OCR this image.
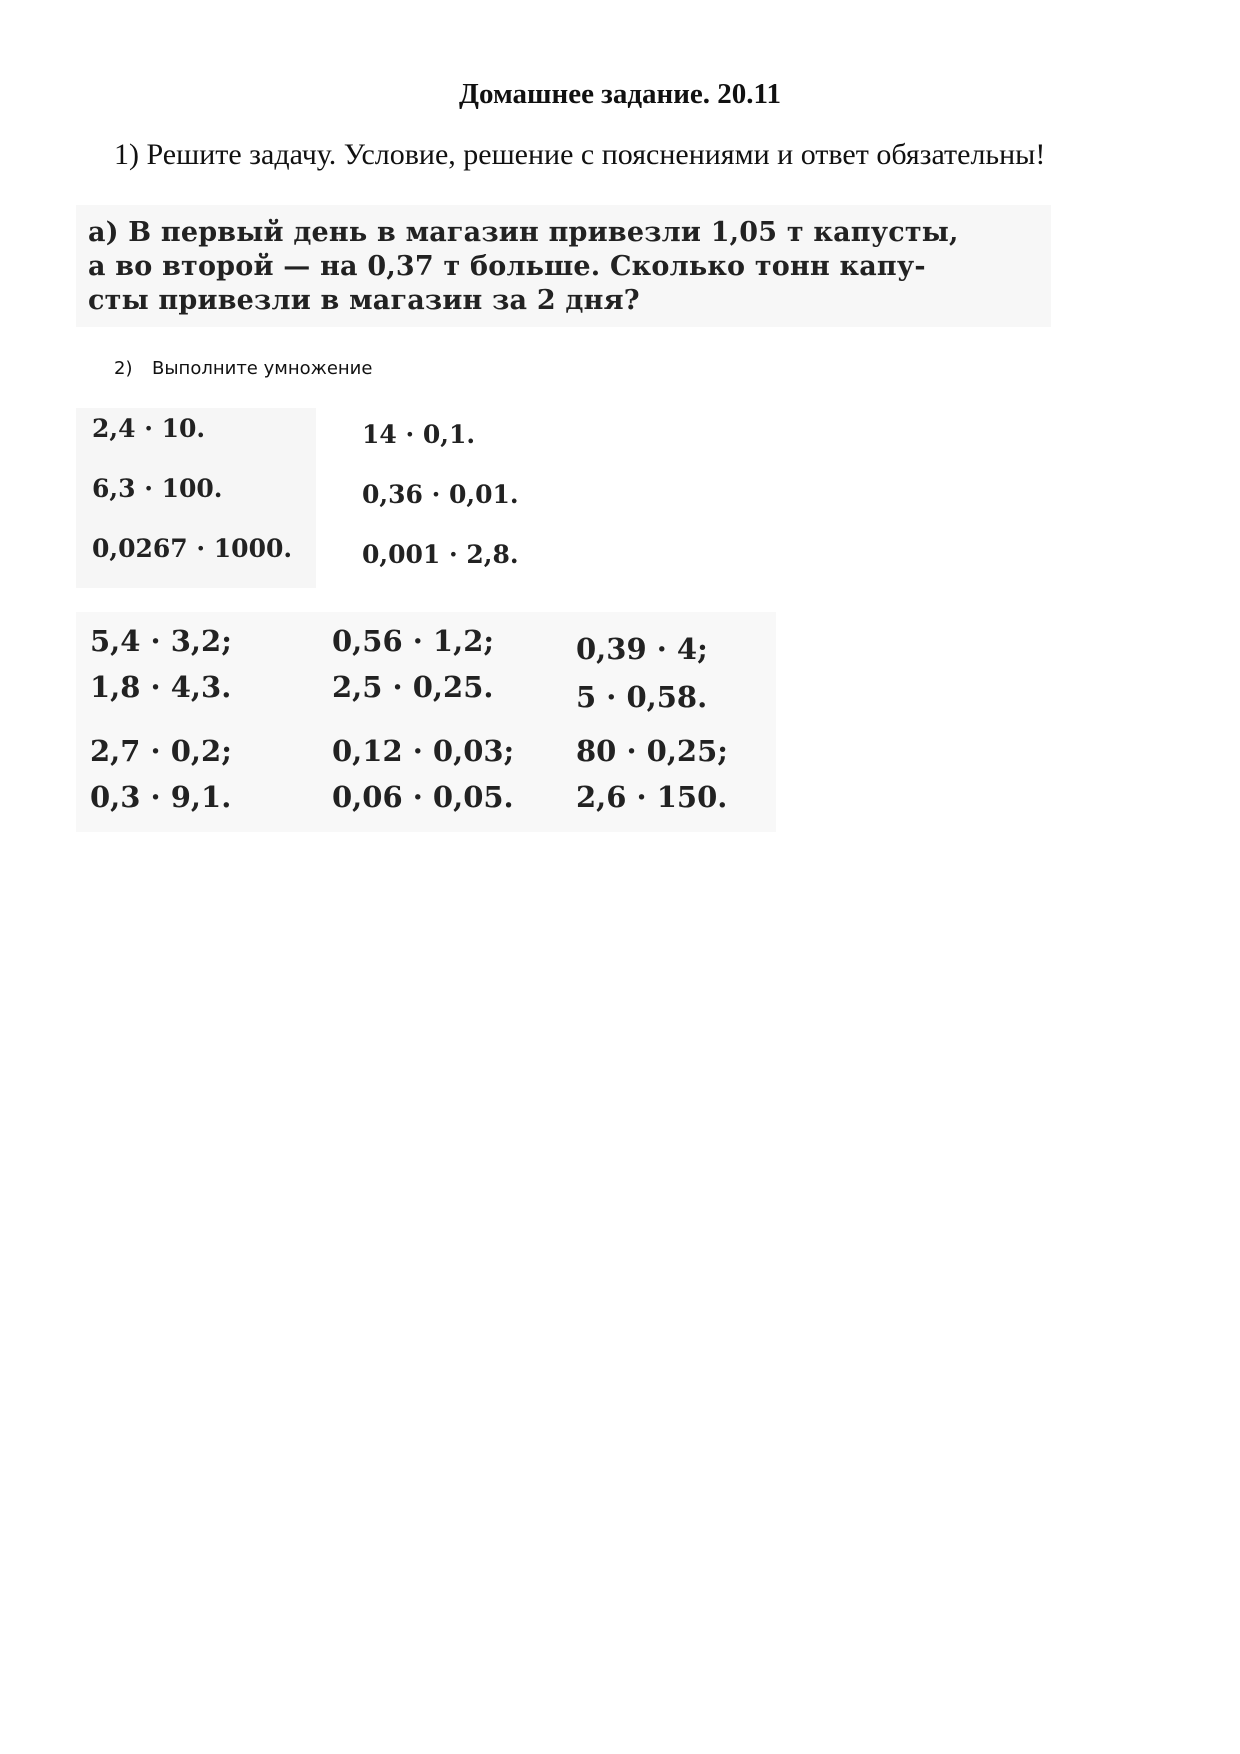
Домашнее задание. 20.11
1) Решите задачу. Условие, решение с пояснениями и ответ обязательны!
а) В первый день в магазин привезли 1,05 т капусты,
а во второй — на 0,37 т больше. Сколько тонн капу-
сты привезли в магазин за 2 дня?
2) Выполните умножение
2,4 · 10.
6,3 · 100.
0,0267 · 1000.
14 · 0,1.
0,36 · 0,01.
0,001 · 2,8.
5,4 · 3,2;
1,8 · 4,3.
2,7 · 0,2;
0,3 · 9,1.
0,56 · 1,2;
2,5 · 0,25.
0,12 · 0,03;
0,06 · 0,05.
0,39 · 4;
5 · 0,58.
80 · 0,25;
2,6 · 150.
